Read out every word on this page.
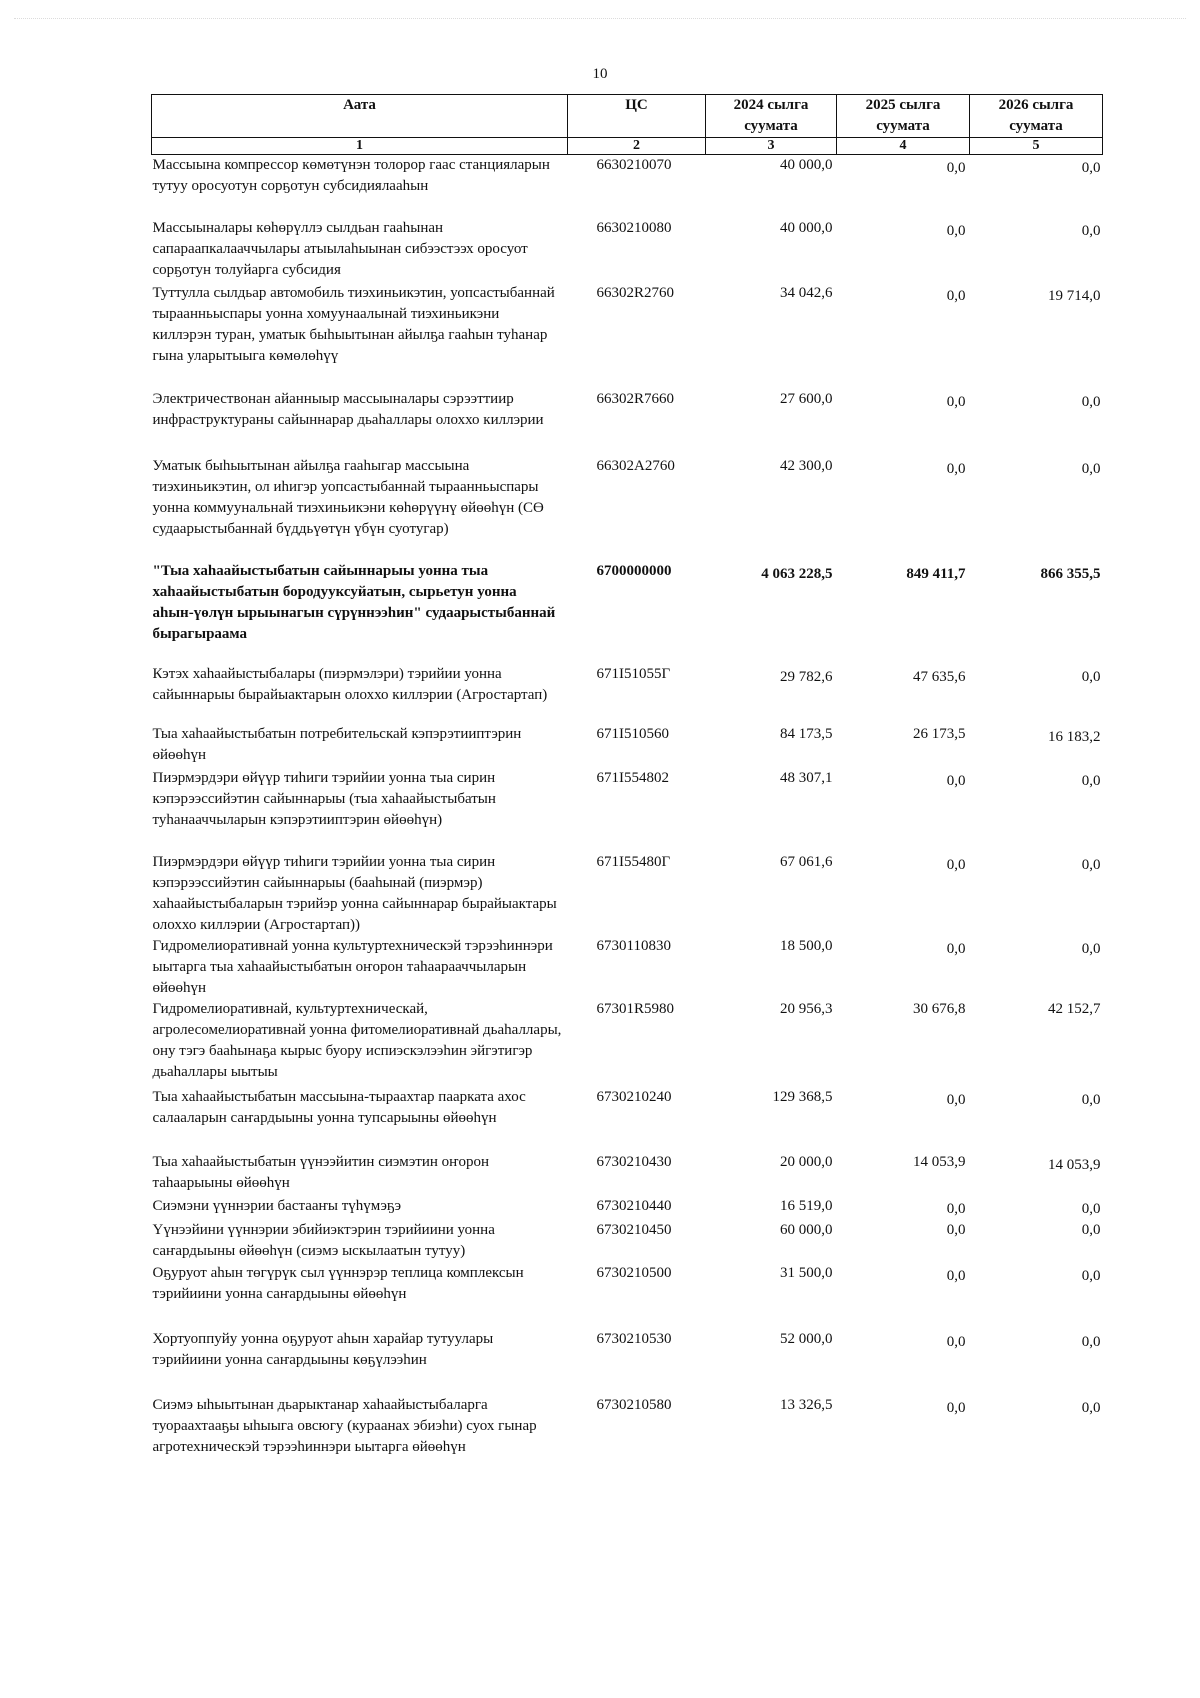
10
Аата	ЦС	2024 сылга суумата	2025 сылга суумата	2026 сылга суумата
1	2	3	4	5
Массыына компрессор көмөтүнэн толорор гаас станцияларын тутуу оросуотун сорҕотун субсидиялааһын	6630210070	40 000,0	0,0	0,0
Массыыналары көһөрүллэ сылдьан гааһынан сапараапкалааччылары атыылаһыынан сибээстээх оросуот сорҕотун толуйарга субсидия	6630210080	40 000,0	0,0	0,0
Туттулла сылдьар автомобиль тиэхиньикэтин, уопсастыбаннай тыраанньыспары уонна хомуунаалынай тиэхиньикэни киллэрэн туран, уматык быһыытынан айылҕа гааһын туһанар гына уларытыыга көмөлөһүү	66302R2760	34 042,6	0,0	19 714,0
Электричествонан айанныыр массыыналары сэрээттиир инфраструктураны сайыннарар дьаһаллары олоххо киллэрии	66302R7660	27 600,0	0,0	0,0
Уматык быһыытынан айылҕа гааһыгар массыына тиэхиньикэтин, ол иһигэр уопсастыбаннай тыраанньыспары уонна коммуунальнай тиэхиньикэни көһөрүүнү өйөөһүн (СӨ судаарыстыбаннай бүддьүөтүн үбүн суотугар)	66302A2760	42 300,0	0,0	0,0
"Тыа хаһаайыстыбатын сайыннарыы уонна тыа хаһаайыстыбатын бородууксуйатын, сырьетун уонна аһын-үөлүн ырыынагын сүрүннээһин" судаарыстыбаннай бырагыраама	6700000000	4 063 228,5	849 411,7	866 355,5
Кэтэх хаһаайыстыбалары (пиэрмэлэри) тэрийии уонна сайыннарыы бырайыактарын олоххо киллэрии (Агростартап)	671I51055Г	29 782,6	47 635,6	0,0
Тыа хаһаайыстыбатын потребительскай кэпэрэтииптэрин өйөөһүн	671I510560	84 173,5	26 173,5	16 183,2
Пиэрмэрдэри өйүүр тиһиги тэрийии уонна тыа сирин кэпэрээссийэтин сайыннарыы (тыа хаһаайыстыбатын туһанааччыларын кэпэрэтииптэрин өйөөһүн)	671I554802	48 307,1	0,0	0,0
Пиэрмэрдэри өйүүр тиһиги тэрийии уонна тыа сирин кэпэрээссийэтин сайыннарыы (бааһынай (пиэрмэр) хаһаайыстыбаларын тэрийэр уонна сайыннарар бырайыактары олоххо киллэрии (Агростартап))	671I55480Г	67 061,6	0,0	0,0
Гидромелиоративнай уонна культуртехническэй тэрээһиннэри ыытарга тыа хаһаайыстыбатын оҥорон таһаарааччыларын өйөөһүн	6730110830	18 500,0	0,0	0,0
Гидромелиоративнай, культуртехническай, агролесомелиоративнай уонна фитомелиоративнай дьаһаллары, ону тэгэ бааһынаҕа кырыс буору испиэскэлээһин эйгэтигэр дьаһаллары ыытыы	67301R5980	20 956,3	30 676,8	42 152,7
Тыа хаһаайыстыбатын массыына-тыраахтар паарката ахос салааларын саҥардыыны уонна тупсарыыны өйөөһүн	6730210240	129 368,5	0,0	0,0
Тыа хаһаайыстыбатын үүнээйитин сиэмэтин оҥорон таһаарыыны өйөөһүн	6730210430	20 000,0	14 053,9	14 053,9
Сиэмэни үүннэрии бастааҥы түһүмэҕэ	6730210440	16 519,0	0,0	0,0
Үүнээйини үүннэрии эбийиэктэрин тэрийиини уонна саҥардыыны өйөөһүн (сиэмэ ыскылаатын тутуу)	6730210450	60 000,0	0,0	0,0
Оҕуруот аһын төгүрүк сыл үүннэрэр теплица комплексын тэрийиини уонна саҥардыыны өйөөһүн	6730210500	31 500,0	0,0	0,0
Хортуоппуйу уонна оҕуруот аһын харайар тутуулары тэрийиини уонна саҥардыыны көҕүлээһин	6730210530	52 000,0	0,0	0,0
Сиэмэ ыһыытынан дьарыктанар хаһаайыстыбаларга туораахтааҕы ыһыыга овсюгу (кураанах эбиэһи) суох гынар агротехническэй тэрээһиннэри ыытарга өйөөһүн	6730210580	13 326,5	0,0	0,0
